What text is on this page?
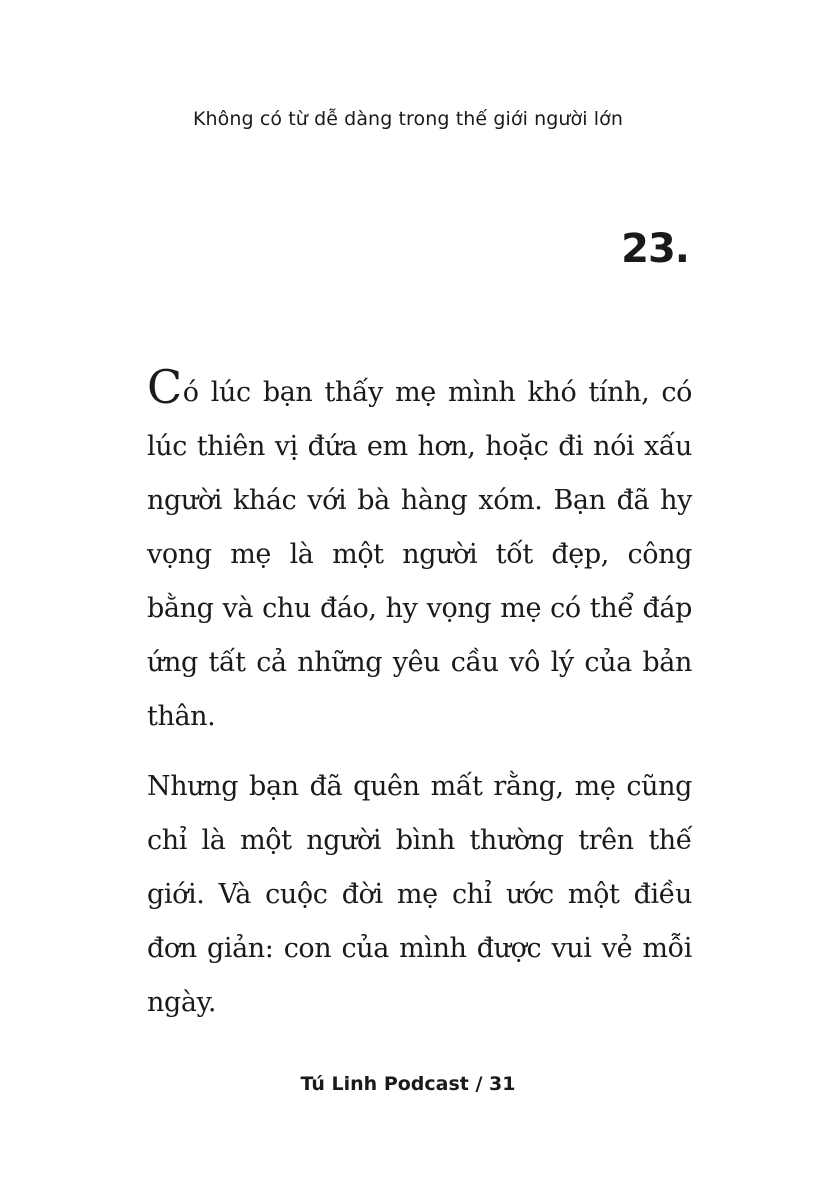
Không có từ dễ dàng trong thế giới người lớn
23.

Có lúc bạn thấy mẹ mình khó tính, có lúc thiên vị đứa em hơn, hoặc đi nói xấu người khác với bà hàng xóm. Bạn đã hy vọng mẹ là một người tốt đẹp, công bằng và chu đáo, hy vọng mẹ có thể đáp ứng tất cả những yêu cầu vô lý của bản thân.

Nhưng bạn đã quên mất rằng, mẹ cũng chỉ là một người bình thường trên thế giới. Và cuộc đời mẹ chỉ ước một điều đơn giản: con của mình được vui vẻ mỗi ngày.

Tú Linh Podcast / 31
